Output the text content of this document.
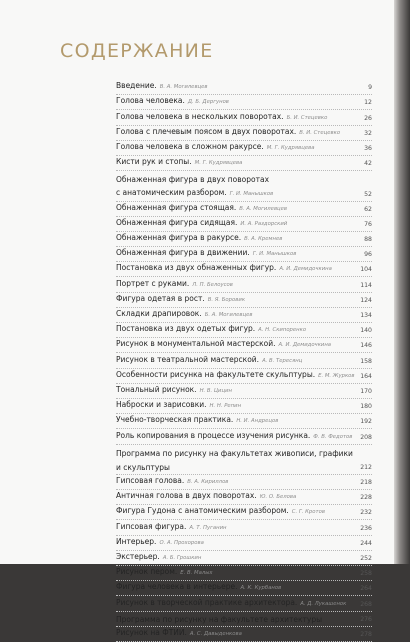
СОДЕРЖАНИЕ
Введение. В. А. Могилевцев	9
Голова человека. Д. Б. Дергунов	12
Голова человека в нескольких поворотах. Б. И. Стецевко	26
Голова с плечевым поясом в двух поворотах. В. И. Стецевко	32
Голова человека в сложном ракурсе. М. Г. Кудрявцева	36
Кисти рук и стопы. М. Г. Кудрявцева	42
Обнаженная фигура в двух поворотах
с анатомическим разбором. Г. И. Манышков	52
Обнаженная фигура стоящая. В. А. Могилевцев	62
Обнаженная фигура сидящая. И. А. Раздорский	76
Обнаженная фигура в ракурсе. В. А. Кремнев	88
Обнаженная фигура в движении. Г. И. Манышков	96
Постановка из двух обнаженных фигур. А. И. Демидочкина	104
Портрет с руками. Л. П. Белоусов	114
Фигура одетая в рост. В. Я. Боровик	124
Складки драпировок. Б. А. Могилевцев	134
Постановка из двух одетых фигур. А. Н. Скипоренко	140
Рисунок в монументальной мастерской. А. И. Демидочкина	146
Рисунок в театральной мастерской. А. В. Тересянц	158
Особенности рисунка на факультете скульптуры. Е. М. Журков 164
Тональный рисунок. Н. В. Цицин	170
Наброски и зарисовки. Н. Н. Репин	180
Учебно-творческая практика. Н. И. Андрецов	192
Роль копирования в процессе изучения рисунка. Ф. В. Федотов	208
Программа по рисунку на факультетах живописи, графики
и скульптуры	212
Гипсовая голова. В. А. Кириллов	218
Античная голова в двух поворотах. Ю. О. Белова	228
Фигура Гудона с анатомическим разбором. С. Г. Кротов	232
Гипсовая фигура. А. Т. Пуганин	236
Интерьер. О. А. Прохорова	244
Экстерьер. А. Б. Грошкин	252
Рисунок пером. Е. В. Малых	258
Фигура человека в интерьере. А. К. Курбанов	264
Рисунок в творческой практике архитектора. А. Д. Лукашенок	268
Программа по рисунку на факультете архитектуры	276
Рисунок на ФТИИ. А. С. Давыденкова	278
